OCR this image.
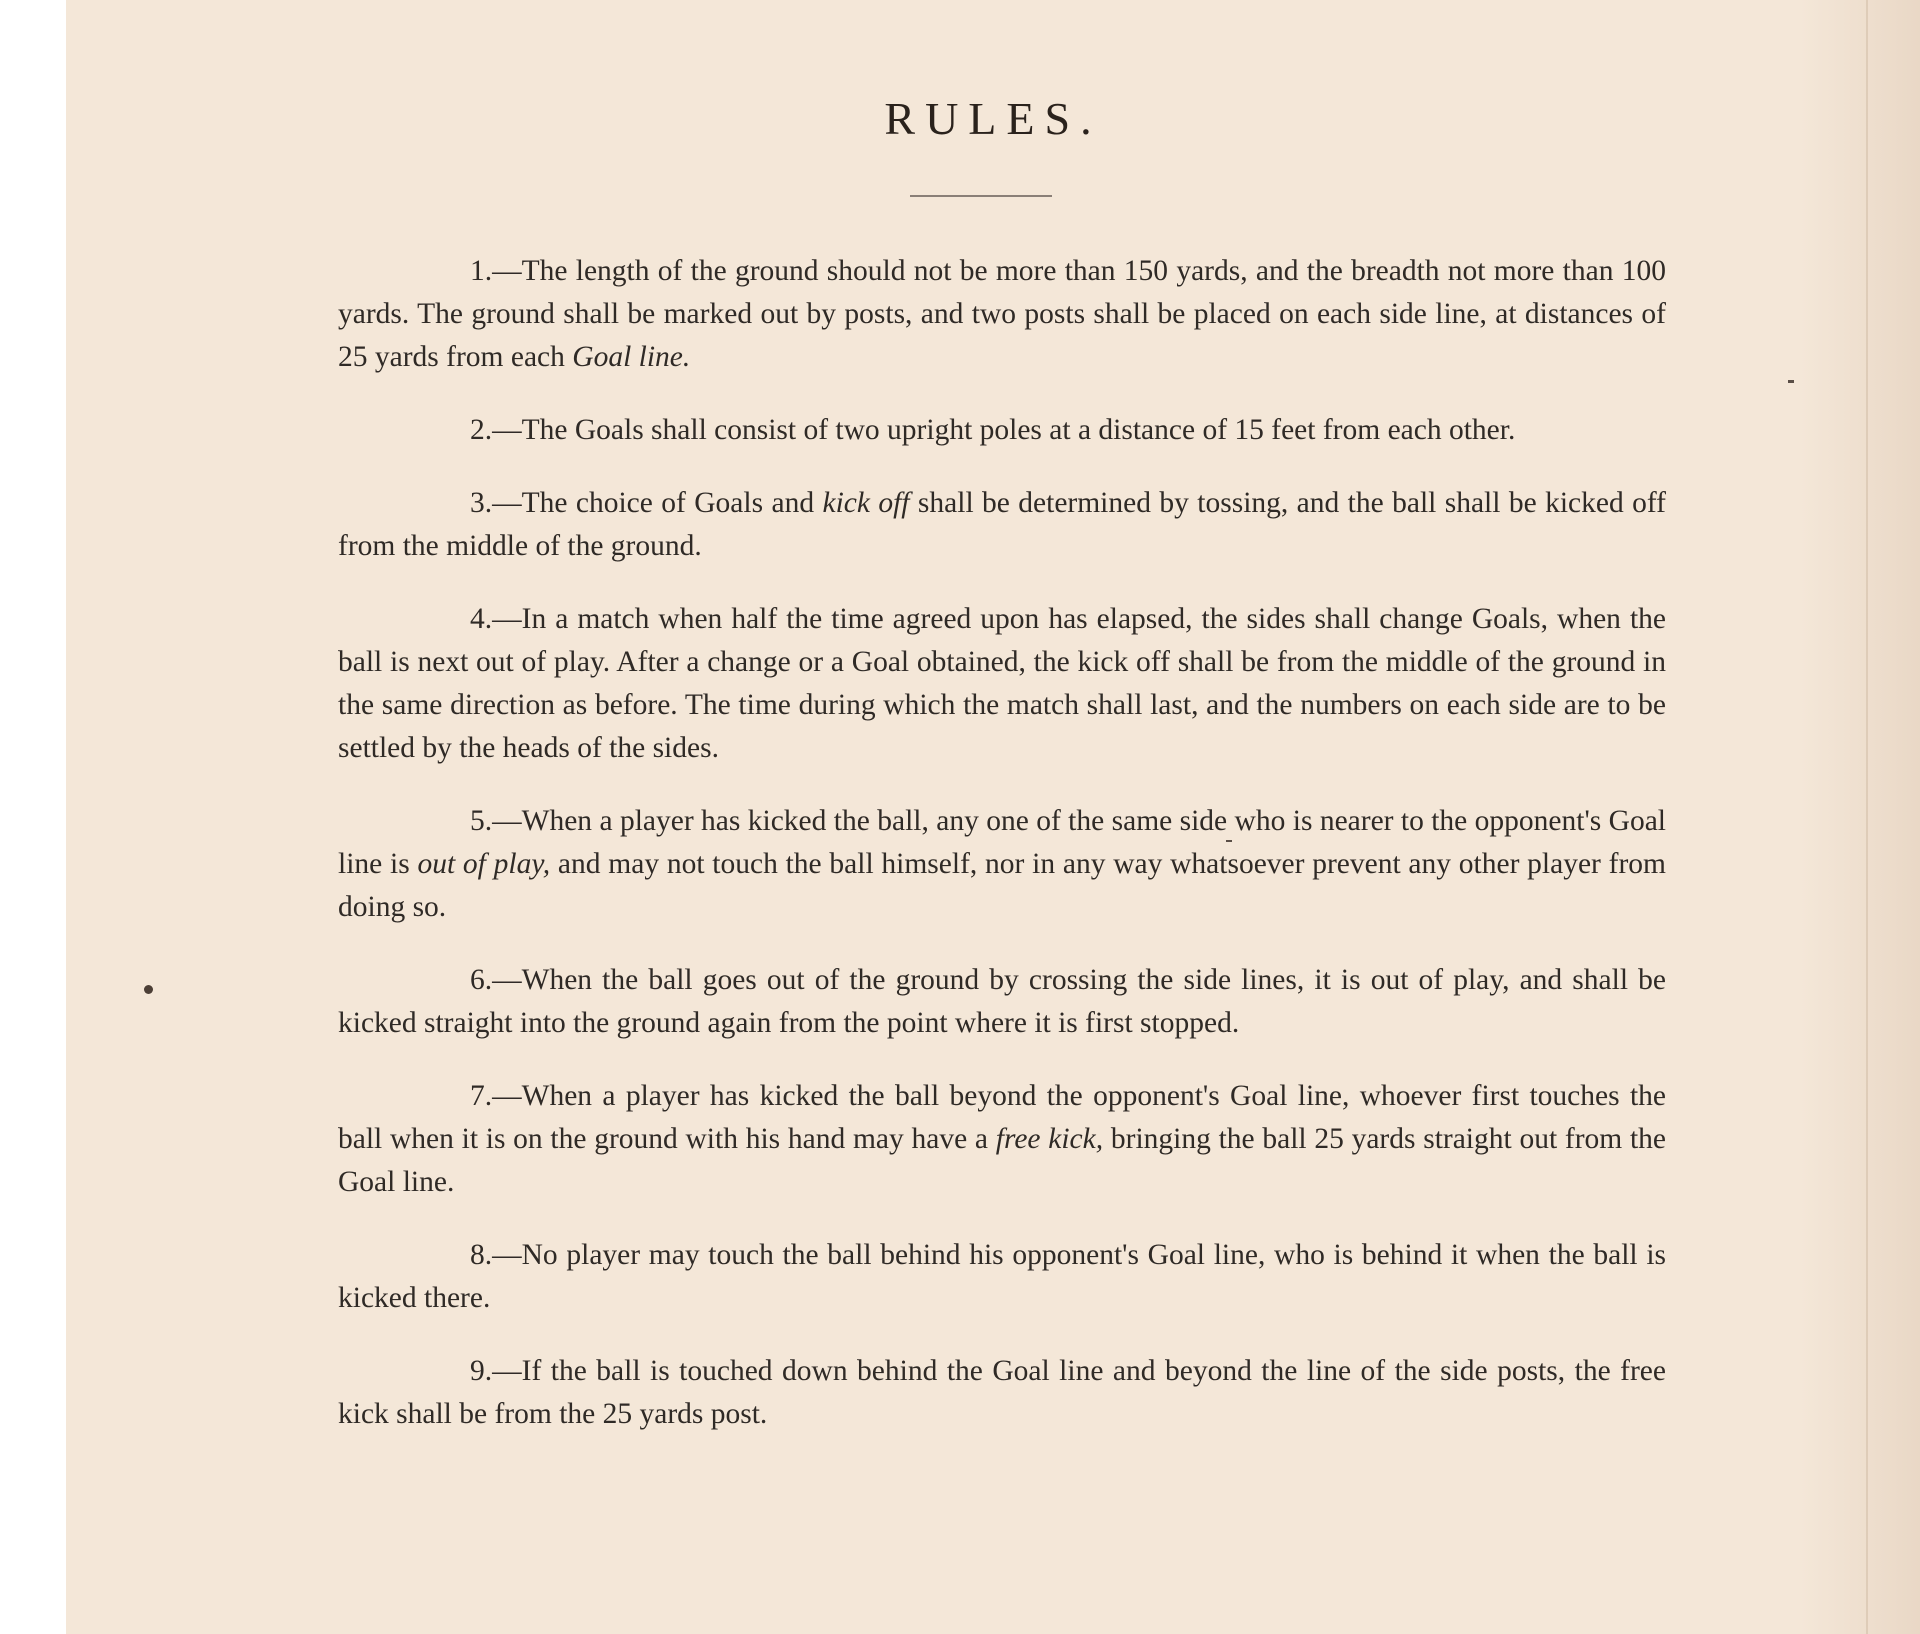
RULES.

1.—The length of the ground should not be more than 150 yards, and the breadth not more than 100 yards. The ground shall be marked out by posts, and two posts shall be placed on each side line, at distances of 25 yards from each Goal line.

2.—The Goals shall consist of two upright poles at a distance of 15 feet from each other.

3.—The choice of Goals and kick off shall be determined by tossing, and the ball shall be kicked off from the middle of the ground.

4.—In a match when half the time agreed upon has elapsed, the sides shall change Goals, when the ball is next out of play. After a change or a Goal obtained, the kick off shall be from the middle of the ground in the same direction as before. The time during which the match shall last, and the numbers on each side are to be settled by the heads of the sides.

5.—When a player has kicked the ball, any one of the same side who is nearer to the opponent's Goal line is out of play, and may not touch the ball himself, nor in any way whatsoever prevent any other player from doing so.

6.—When the ball goes out of the ground by crossing the side lines, it is out of play, and shall be kicked straight into the ground again from the point where it is first stopped.

7.—When a player has kicked the ball beyond the opponent's Goal line, whoever first touches the ball when it is on the ground with his hand may have a free kick, bringing the ball 25 yards straight out from the Goal line.

8.—No player may touch the ball behind his opponent's Goal line, who is behind it when the ball is kicked there.

9.—If the ball is touched down behind the Goal line and beyond the line of the side posts, the free kick shall be from the 25 yards post.
